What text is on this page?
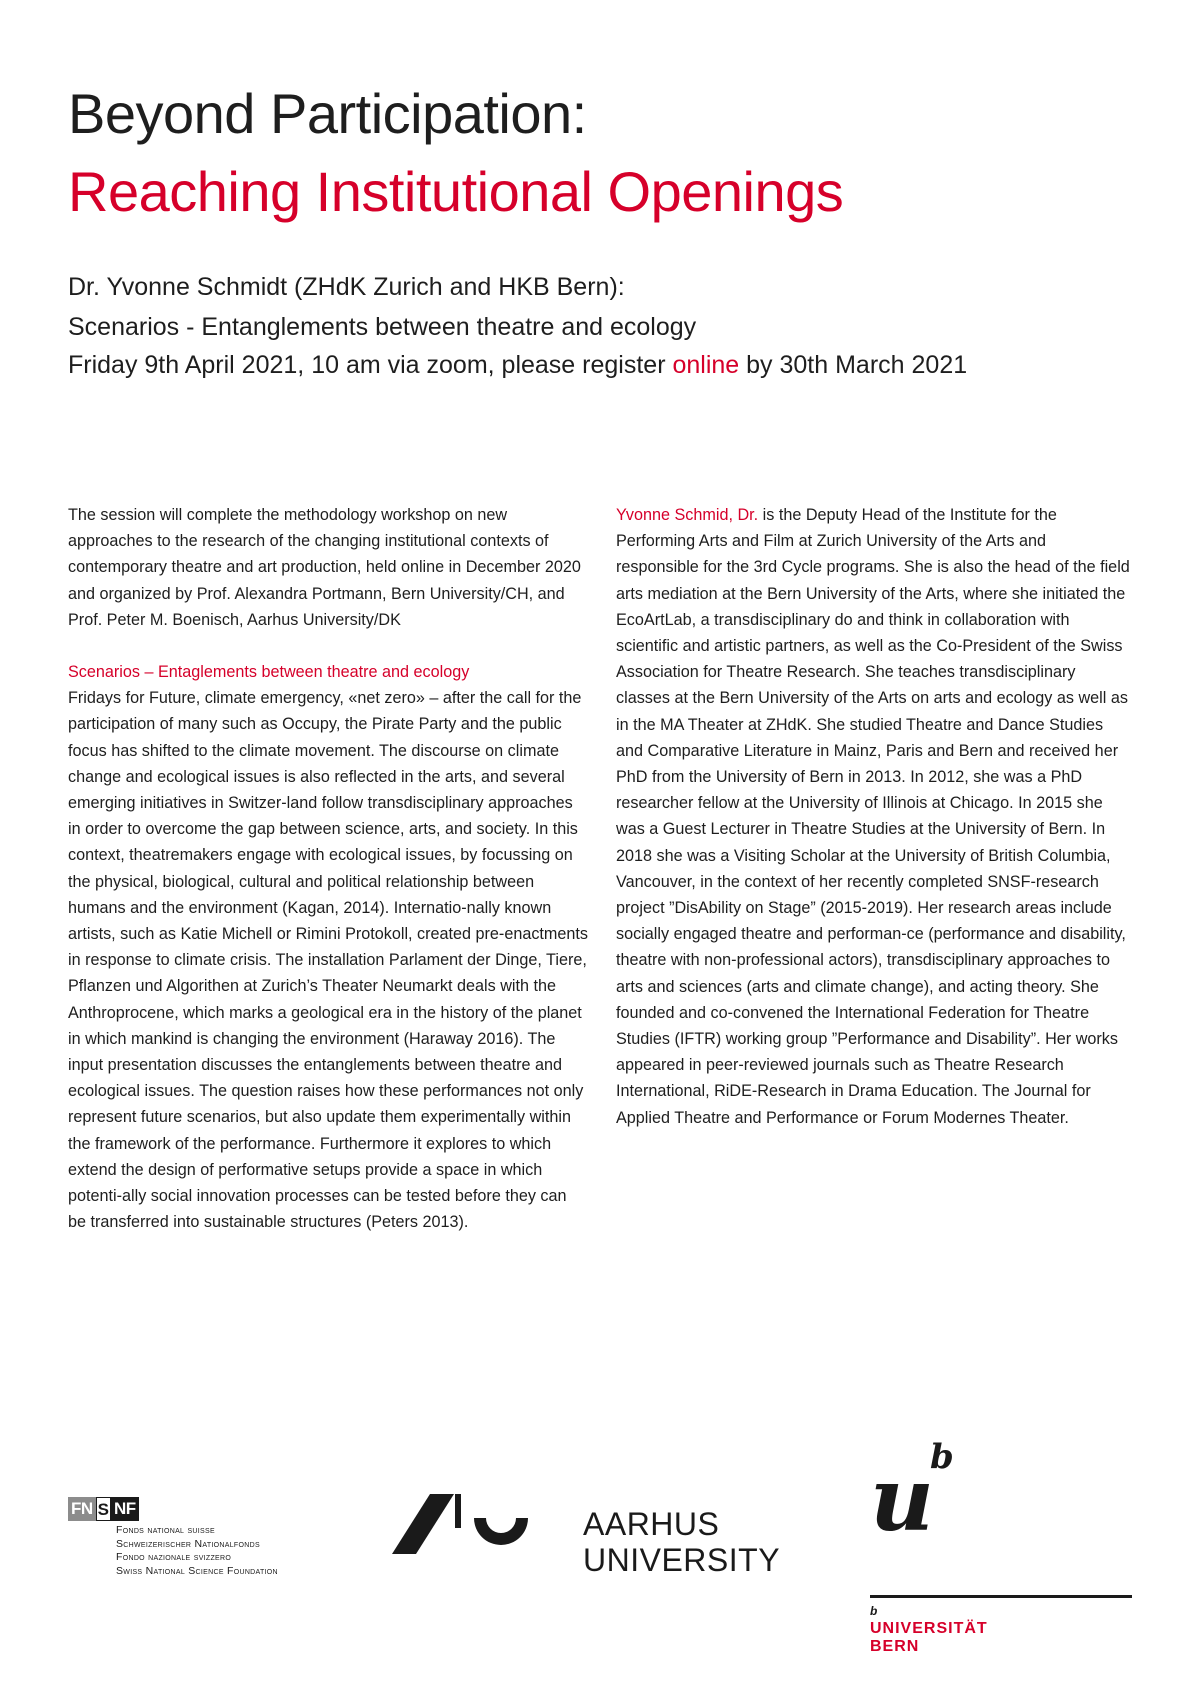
Beyond Participation:
Reaching Institutional Openings

Dr. Yvonne Schmidt (ZHdK Zurich and HKB Bern):

Scenarios - Entanglements between theatre and ecology

Friday 9th April 2021, 10 am via zoom, please register online by 30th March 2021

The session will complete the methodology workshop on new approaches to the research of the changing institutional contexts of contemporary theatre and art production, held online in December 2020 and organized by Prof. Alexandra Portmann, Bern University/CH, and Prof. Peter M. Boenisch, Aarhus University/DK

Scenarios – Entaglements between theatre and ecology

Fridays for Future, climate emergency, «net zero» – after the call for the participation of many such as Occupy, the Pirate Party and the public focus has shifted to the climate movement. The discourse on climate change and ecological issues is also reflected in the arts, and several emerging initiatives in Switzer-land follow transdisciplinary approaches in order to overcome the gap between science, arts, and society. In this context, theatremakers engage with ecological issues, by focussing on the physical, biological, cultural and political relationship between humans and the environment (Kagan, 2014). Internatio-nally known artists, such as Katie Michell or Rimini Protokoll, created pre-enactments in response to climate crisis. The installation Parlament der Dinge, Tiere, Pflanzen und Algorithen at Zurich’s Theater Neumarkt deals with the Anthroprocene, which marks a geological era in the history of the planet in which mankind is changing the environment (Haraway 2016). The input presentation discusses the entanglements between theatre and ecological issues. The question raises how these performances not only represent future scenarios, but also update them experimentally within the framework of the performance. Furthermore it explores to which extend the design of performative setups provide a space in which potenti-ally social innovation processes can be tested before they can be transferred into sustainable structures (Peters 2013).

Yvonne Schmid, Dr. is the Deputy Head of the Institute for the Performing Arts and Film at Zurich University of the Arts and responsible for the 3rd Cycle programs. She is also the head of the field arts mediation at the Bern University of the Arts, where she initiated the EcoArtLab, a transdisciplinary do and think in collaboration with scientific and artistic partners, as well as the Co-President of the Swiss Association for Theatre Research. She teaches transdisciplinary classes at the Bern University of the Arts on arts and ecology as well as in the MA Theater at ZHdK. She studied Theatre and Dance Studies and Comparative Literature in Mainz, Paris and Bern and received her PhD from the University of Bern in 2013. In 2012, she was a PhD researcher fellow at the University of Illinois at Chicago. In 2015 she was a Guest Lecturer in Theatre Studies at the University of Bern. In 2018 she was a Visiting Scholar at the University of British Columbia, Vancouver, in the context of her recently completed SNSF-research project ”DisAbility on Stage” (2015-2019). Her research areas include socially engaged theatre and performan-ce (performance and disability, theatre with non-professional actors), transdisciplinary approaches to arts and sciences (arts and climate change), and acting theory. She founded and co-convened the International Federation for Theatre Studies (IFTR) working group ”Performance and Disability”. Her works appeared in peer-reviewed journals such as Theatre Research International, RiDE-Research in Drama Education. The Journal for Applied Theatre and Performance or Forum Modernes Theater.

FN S NF
Fonds national suisse
Schweizerischer Nationalfonds
Fondo nazionale svizzero
Swiss National Science Foundation
AARHUS
UNIVERSITY
u
b
b
UNIVERSITÄT
BERN
